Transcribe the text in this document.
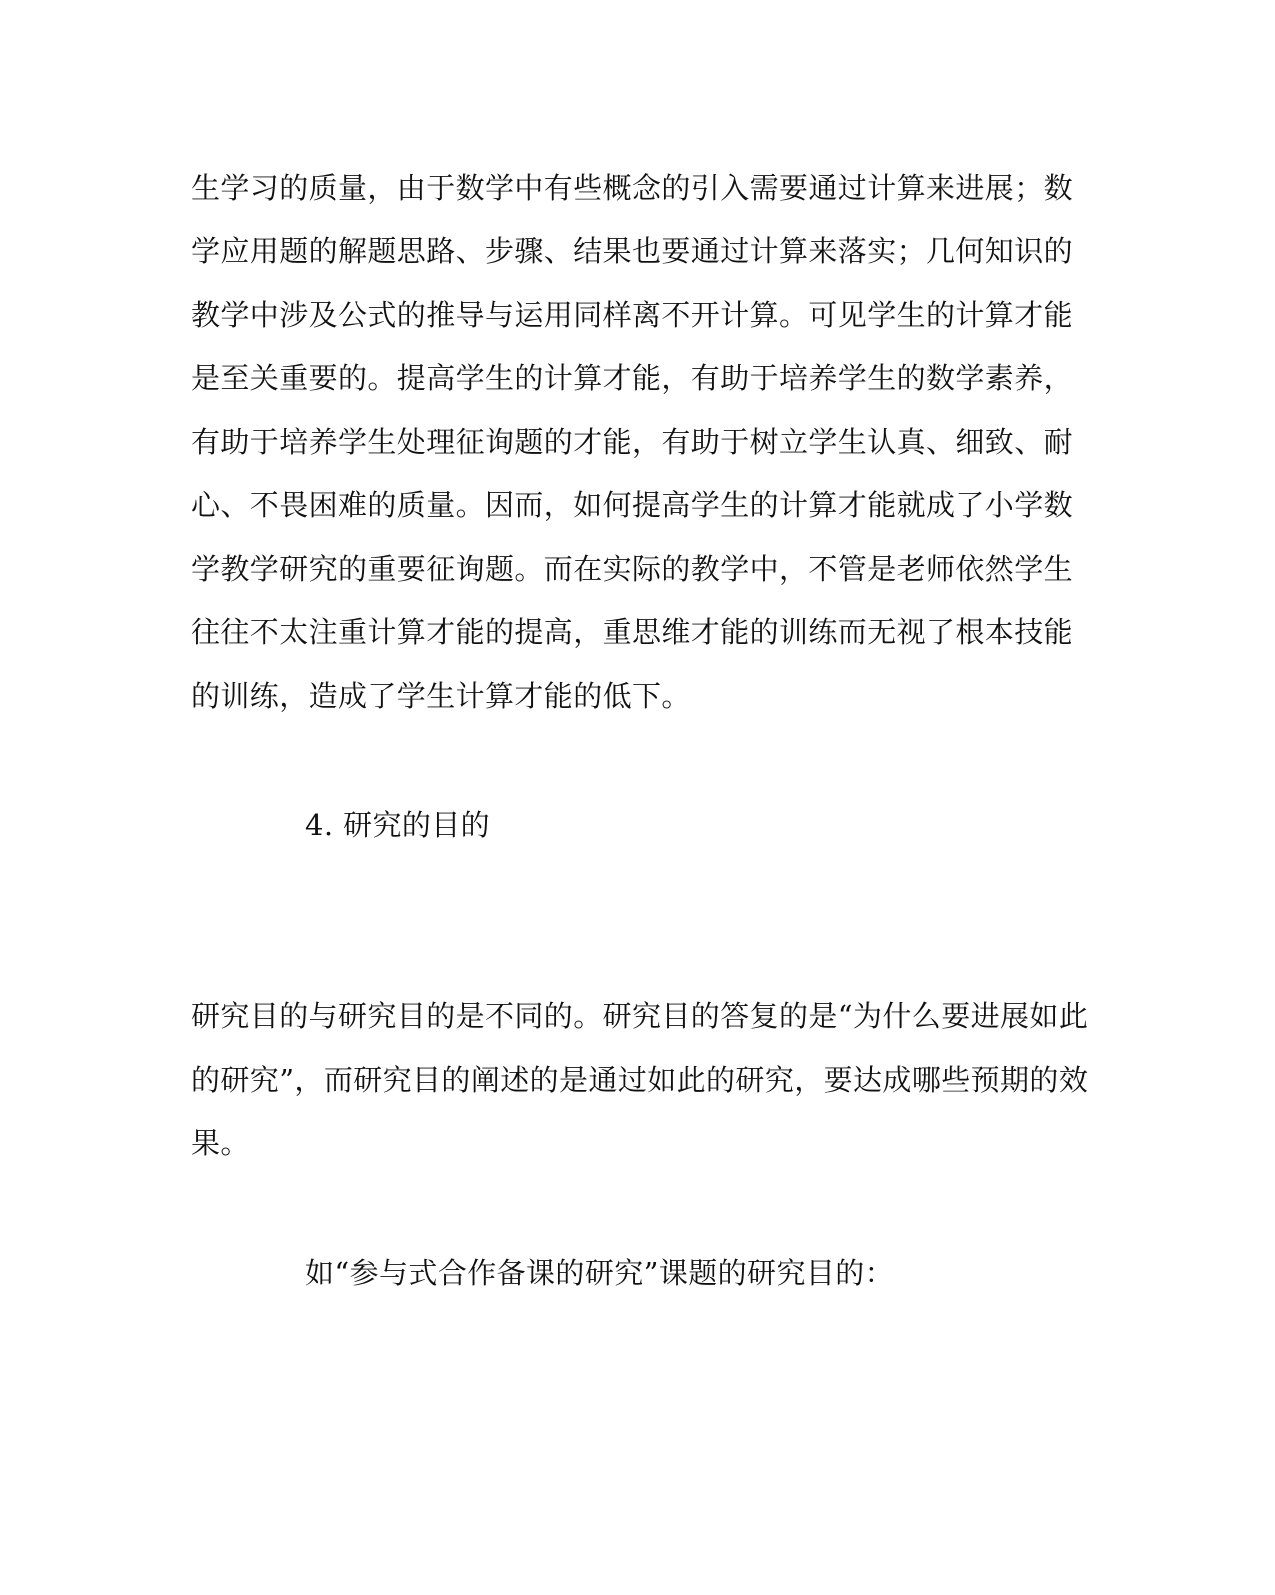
生学习的质量，由于数学中有些概念的引入需要通过计算来进展；数
学应用题的解题思路、步骤、结果也要通过计算来落实；几何知识的
教学中涉及公式的推导与运用同样离不开计算。可见学生的计算才能
是至关重要的。提高学生的计算才能，有助于培养学生的数学素养，
有助于培养学生处理征询题的才能，有助于树立学生认真、细致、耐
心、不畏困难的质量。因而，如何提高学生的计算才能就成了小学数
学教学研究的重要征询题。而在实际的教学中，不管是老师依然学生
往往不太注重计算才能的提高，重思维才能的训练而无视了根本技能
的训练，造成了学生计算才能的低下。
4. 研究的目的
研究目的与研究目的是不同的。研究目的答复的是“为什么要进展如此
的研究”，而研究目的阐述的是通过如此的研究，要达成哪些预期的效
果。
如“参与式合作备课的研究”课题的研究目的：
